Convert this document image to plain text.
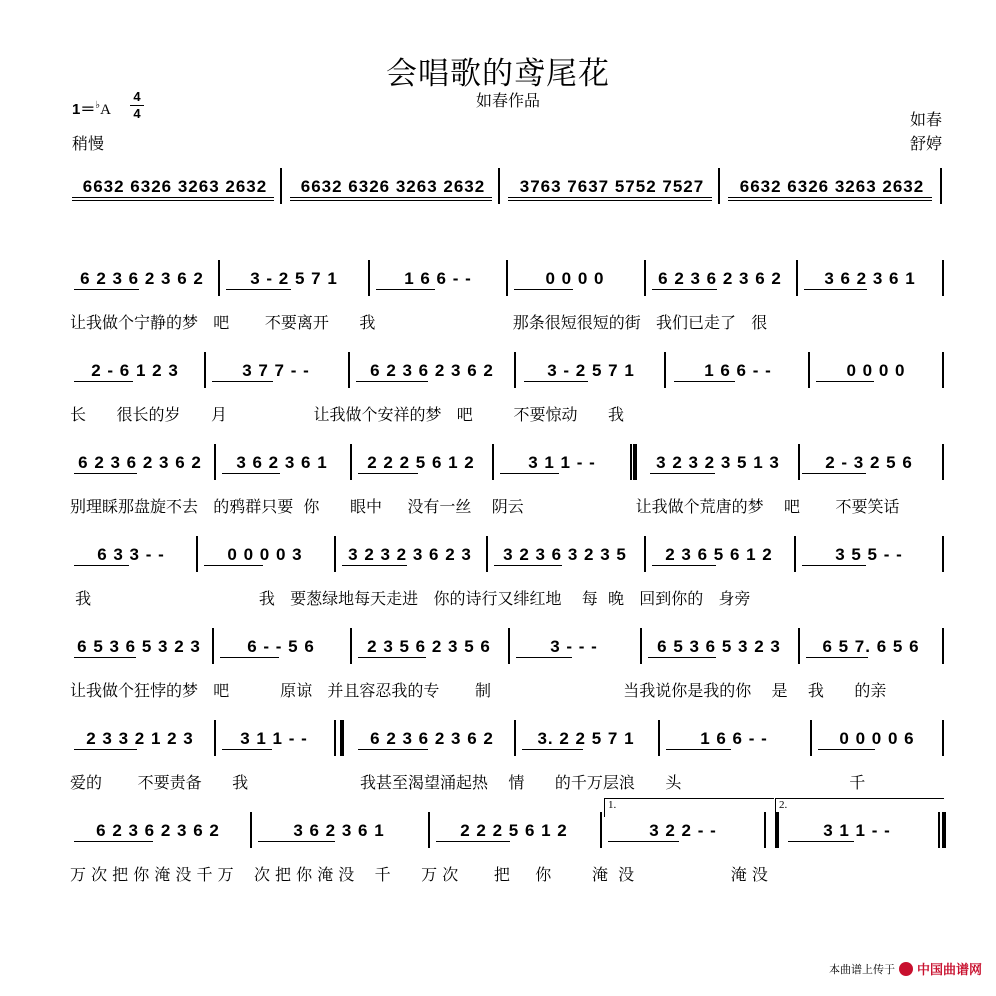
会唱歌的鸢尾花
如春作品
1＝♭A
4
4
稍慢
如春
舒婷
6632 6326 3263 2632	6632 6326 3263 2632	3763 7637 5752 7527	6632 6326 3263 2632
6 2 3 6 2 3 6 2	3 - 2 5 7 1	1 6 6 - -	0 0 0 0	6 2 3 6 2 3 6 2	3 6 2 3 6 1
让我做个宁静的梦   吧       不要离开      我                           那条很短很短的街   我们已走了   很
2 - 6 1 2 3	3 7 7 - -	6 2 3 6 2 3 6 2	3 - 2 5 7 1	1 6 6 - -	0 0 0 0
长      很长的岁      月                 让我做个安祥的梦   吧        不要惊动      我
6 2 3 6 2 3 6 2	3 6 2 3 6 1	2 2 2 5 6 1 2	3 1 1 - -	3 2 3 2 3 5 1 3	2 - 3 2 5 6
别理睬那盘旋不去   的鸦群只要  你      眼中     没有一丝    阴云                      让我做个荒唐的梦    吧       不要笑话
6 3 3 - -	0 0 0 0 3	3 2 3 2 3 6 2 3	3 2 3 6 3 2 3 5	2 3 6 5 6 1 2	3 5 5 - -
我                                 我   要葱绿地每天走进   你的诗行又绯红地    每  晚   回到你的   身旁
6 5 3 6 5 3 2 3	6 - - 5 6	2 3 5 6 2 3 5 6	3 - - -	6 5 3 6 5 3 2 3	6 5 7. 6 5 6
让我做个狂悖的梦   吧          原谅   并且容忍我的专       制                          当我说你是我的你    是    我      的亲
2 3 3 2 1 2 3	3 1 1 - -	6 2 3 6 2 3 6 2	3. 2 2 5 7 1	1 6 6 - -	0 0 0 0 6
爱的       不要责备      我                      我甚至渴望涌起热    情      的千万层浪      头                                 千
6 2 3 6 2 3 6 2	3 6 2 3 6 1	2 2 2 5 6 1 2	3 2 2 - -	3 1 1 - -
万 次 把 你 淹 没 千 万    次 把 你 淹 没    千      万 次       把     你        淹  没                   淹 没
本曲谱上传于 中国曲谱网
1.	2.
